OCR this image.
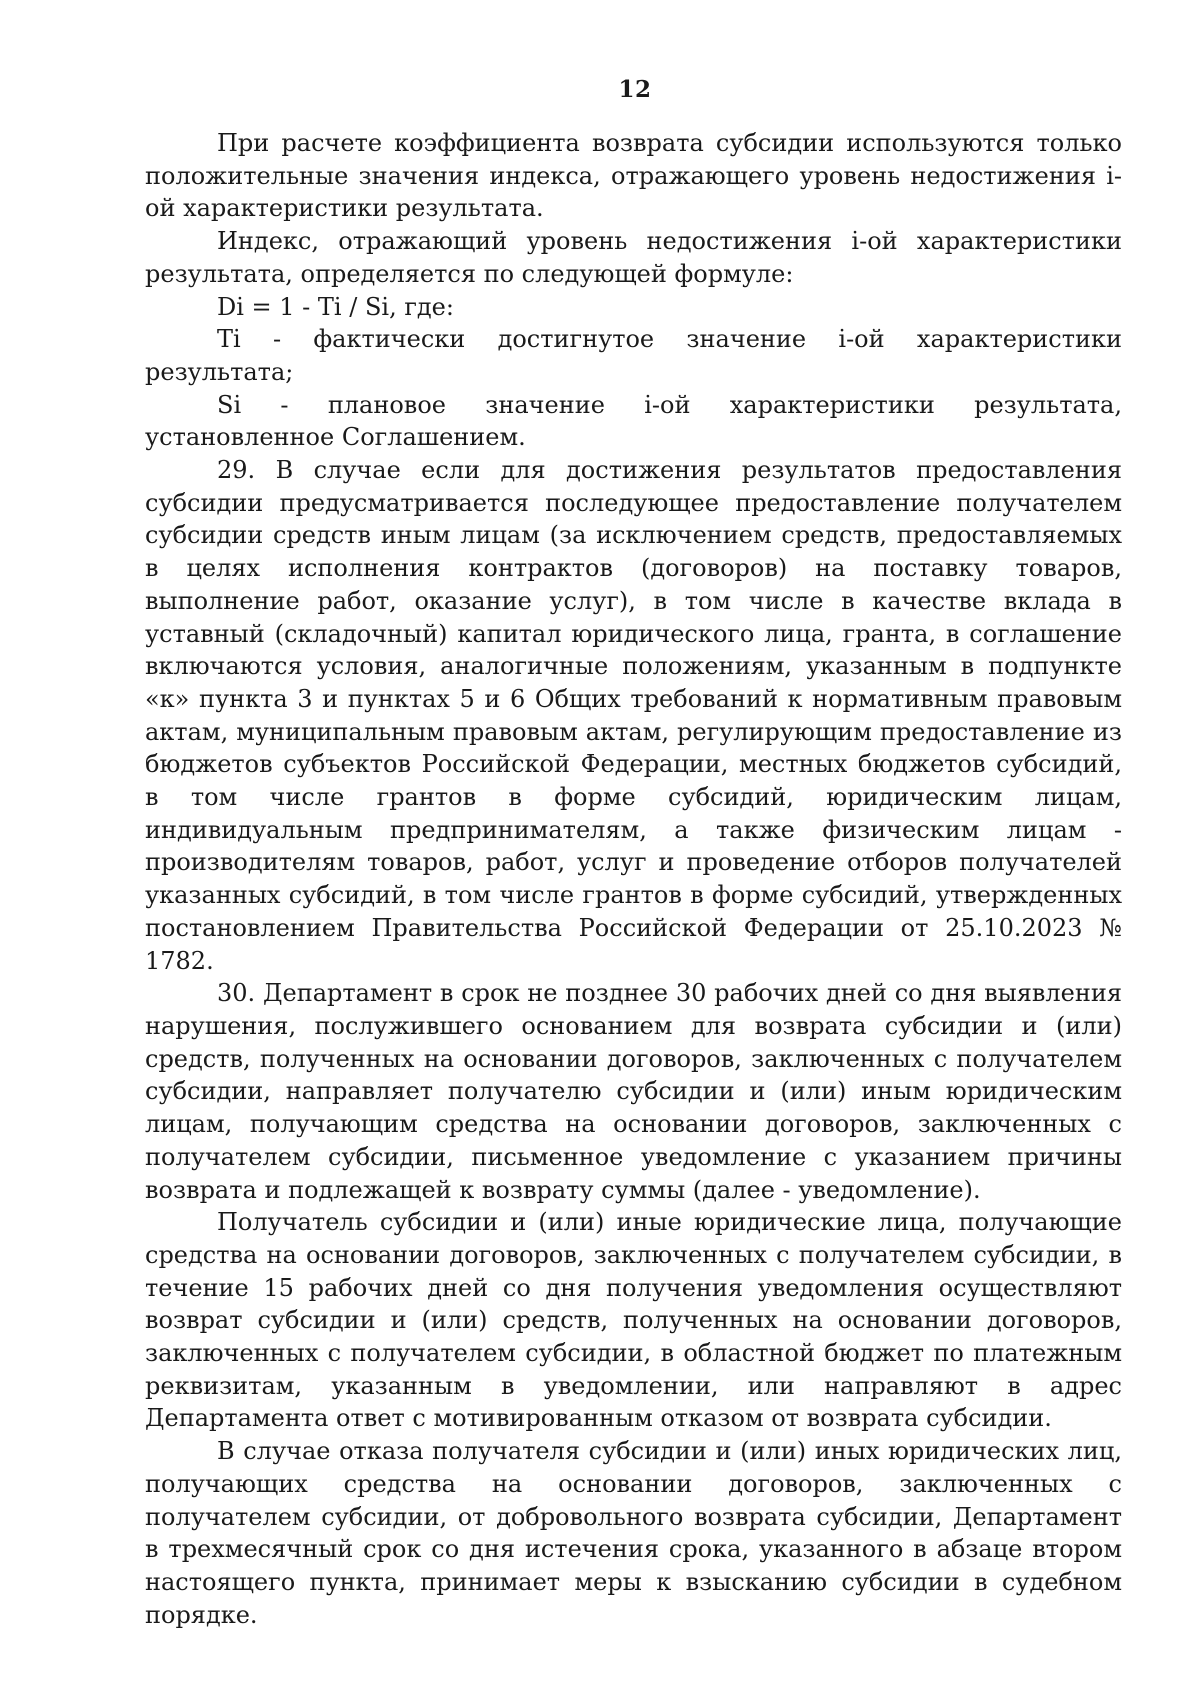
12

При расчете коэффициента возврата субсидии используются только положительные значения индекса, отражающего уровень недостижения i-ой характеристики результата.

Индекс, отражающий уровень недостижения i-ой характеристики результата, определяется по следующей формуле:

Di = 1 - Ti / Si, где:

Ti - фактически достигнутое значение i-ой характеристики результата;

Si - плановое значение i-ой характеристики результата, установленное Соглашением.

29. В случае если для достижения результатов предоставления субсидии предусматривается последующее предоставление получателем субсидии средств иным лицам (за исключением средств, предоставляемых в целях исполнения контрактов (договоров) на поставку товаров, выполнение работ, оказание услуг), в том числе в качестве вклада в уставный (складочный) капитал юридического лица, гранта, в соглашение включаются условия, аналогичные положениям, указанным в подпункте «к» пункта 3 и пунктах 5 и 6 Общих требований к нормативным правовым актам, муниципальным правовым актам, регулирующим предоставление из бюджетов субъектов Российской Федерации, местных бюджетов субсидий, в том числе грантов в форме субсидий, юридическим лицам, индивидуальным предпринимателям, а также физическим лицам - производителям товаров, работ, услуг и проведение отборов получателей указанных субсидий, в том числе грантов в форме субсидий, утвержденных постановлением Правительства Российской Федерации от 25.10.2023 № 1782.

30. Департамент в срок не позднее 30 рабочих дней со дня выявления нарушения, послужившего основанием для возврата субсидии и (или) средств, полученных на основании договоров, заключенных с получателем субсидии, направляет получателю субсидии и (или) иным юридическим лицам, получающим средства на основании договоров, заключенных с получателем субсидии, письменное уведомление с указанием причины возврата и подлежащей к возврату суммы (далее - уведомление).

Получатель субсидии и (или) иные юридические лица, получающие средства на основании договоров, заключенных с получателем субсидии, в течение 15 рабочих дней со дня получения уведомления осуществляют возврат субсидии и (или) средств, полученных на основании договоров, заключенных с получателем субсидии, в областной бюджет по платежным реквизитам, указанным в уведомлении, или направляют в адрес Департамента ответ с мотивированным отказом от возврата субсидии.

В случае отказа получателя субсидии и (или) иных юридических лиц, получающих средства на основании договоров, заключенных с получателем субсидии, от добровольного возврата субсидии, Департамент в трехмесячный срок со дня истечения срока, указанного в абзаце втором настоящего пункта, принимает меры к взысканию субсидии в судебном порядке.
